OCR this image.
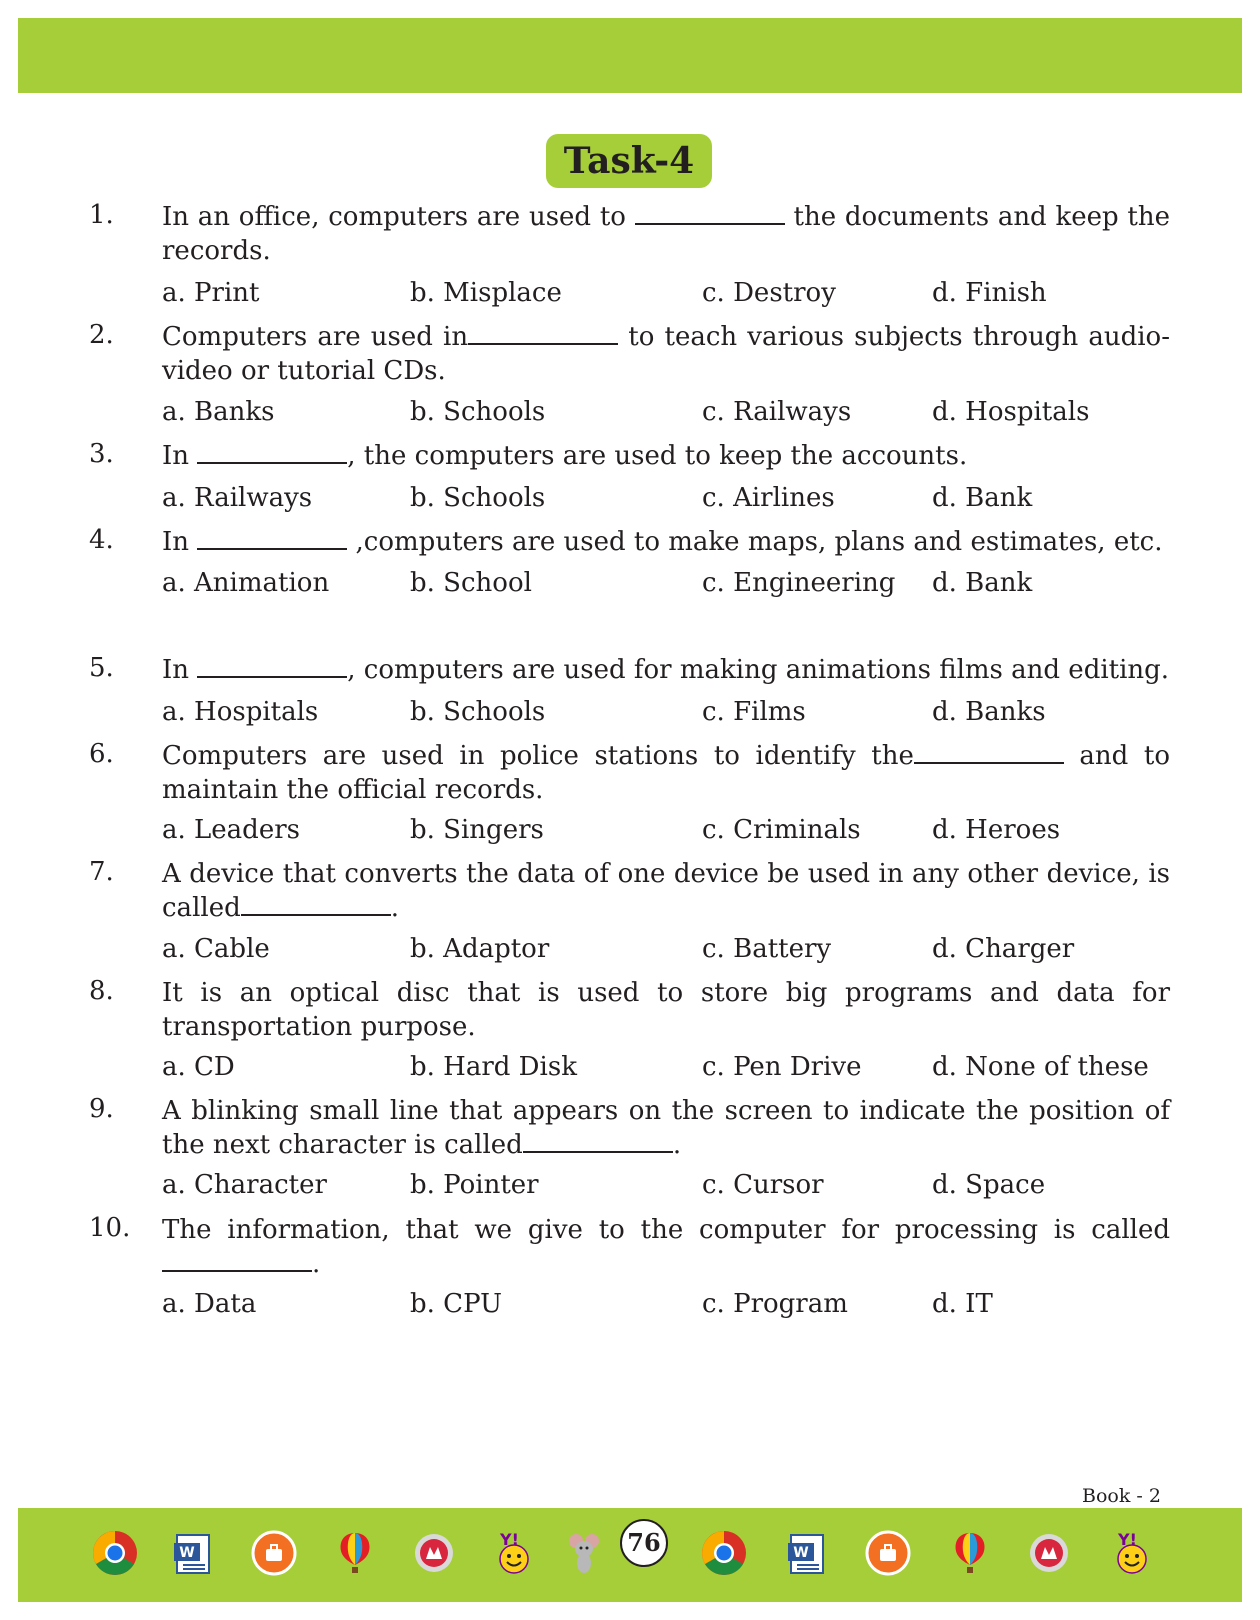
Task-4
1. In an office, computers are used to	the documents and keep the records.
a. Print	b. Misplace	c. Destroy	d. Finish
2. Computers are used in	to teach various subjects through audio-video or tutorial CDs.
a. Banks	b. Schools	c. Railways	d. Hospitals
3. In	, the computers are used to keep the accounts.
a. Railways	b. Schools	c. Airlines	d. Bank
4. In	,computers are used to make maps, plans and estimates, etc.
a. Animation	b. School	c. Engineering d. Bank
5. In	, computers are used for making animations films and editing.
a. Hospitals	b. Schools	c. Films	d. Banks
6. Computers are used in police stations to identify the	and to maintain the official records.
a. Leaders	b. Singers	c. Criminals	d. Heroes
7. A device that converts the data of one device be used in any other device, is called	.
a. Cable	b. Adaptor	c. Battery	d. Charger
8. It is an optical disc that is used to store big programs and data for transportation purpose.
a. CD	b. Hard Disk	c. Pen Drive	d. None of these
9. A blinking small line that appears on the screen to indicate the position of the next character is called	.
a. Character	b. Pointer	c. Cursor	d. Space
10. The information, that we give to the computer for processing is called .
a. Data	b. CPU	c. Program	d. IT
Book - 2
W
Y!
W
Y!
76
